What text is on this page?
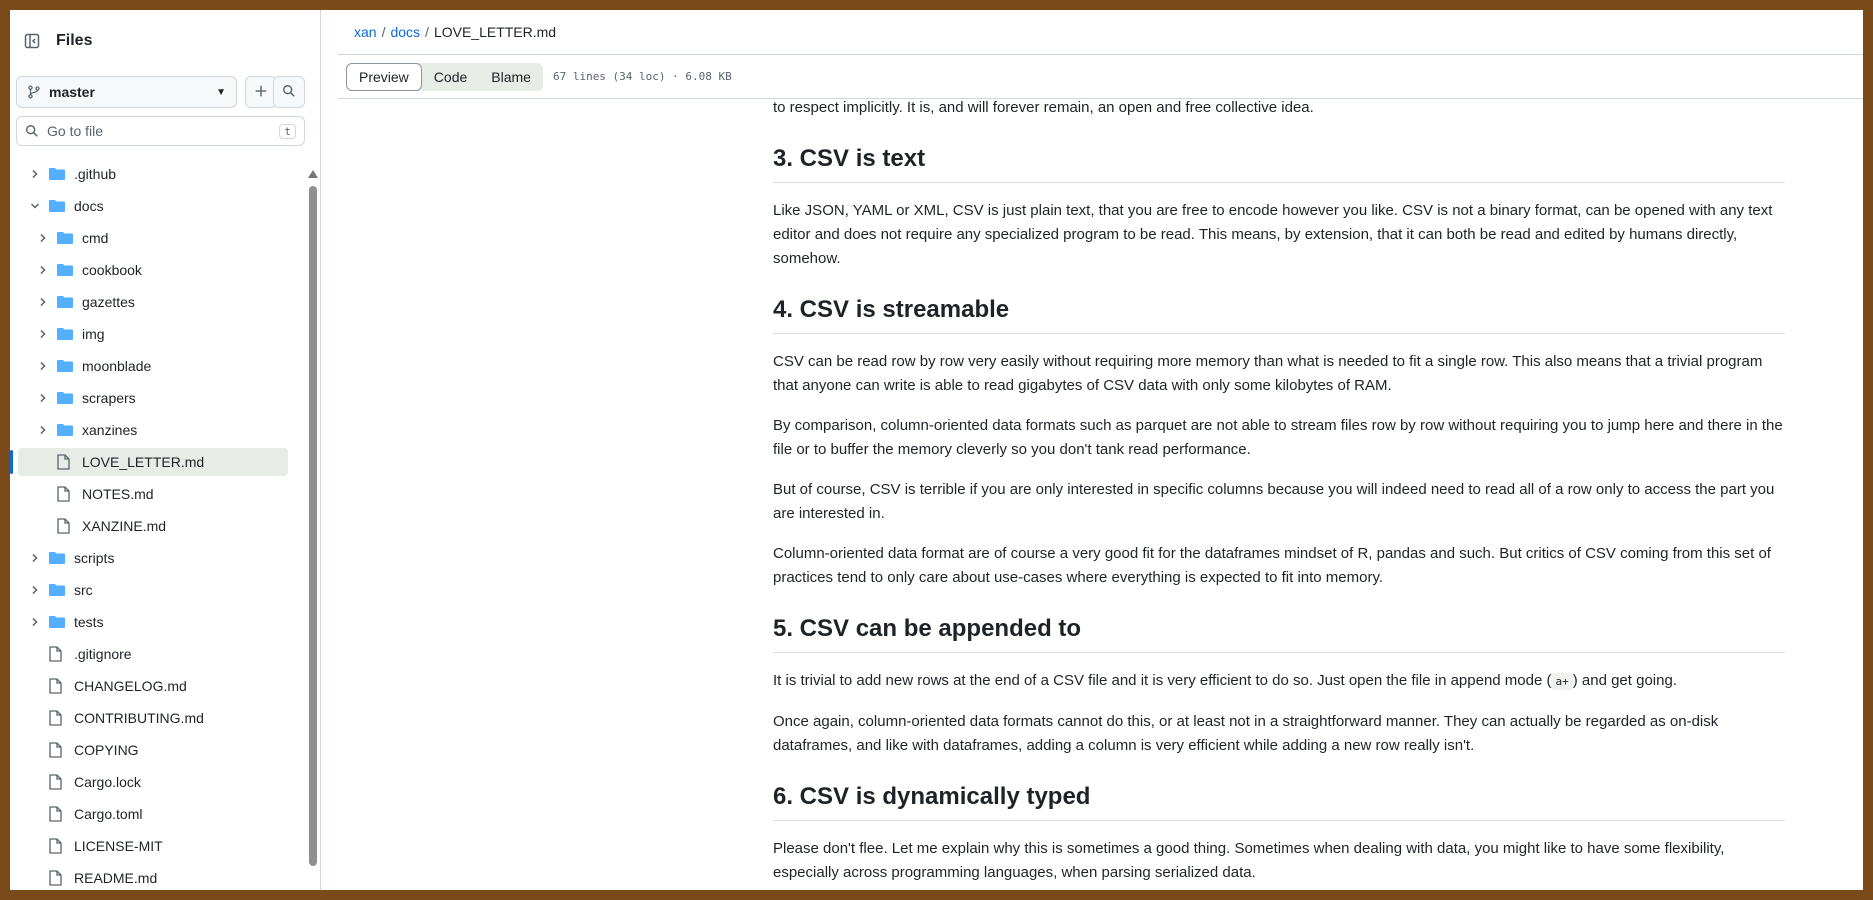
Files
master	▼
Go to file	t
.github
docs
cmd
cookbook
gazettes
img
moonblade
scrapers
xanzines
LOVE_LETTER.md
NOTES.md
XANZINE.md
scripts
src
tests
.gitignore
CHANGELOG.md
CONTRIBUTING.md
COPYING
Cargo.lock
Cargo.toml
LICENSE-MIT
README.md
xan / docs / LOVE_LETTER.md
Preview	Code	Blame	67 lines (34 loc) · 6.08 KB

to respect implicitly. It is, and will forever remain, an open and free collective idea.

3. CSV is text

Like JSON, YAML or XML, CSV is just plain text, that you are free to encode however you like. CSV is not a binary format, can be opened with any text editor and does not require any specialized program to be read. This means, by extension, that it can both be read and edited by humans directly, somehow.

4. CSV is streamable

CSV can be read row by row very easily without requiring more memory than what is needed to fit a single row. This also means that a trivial program that anyone can write is able to read gigabytes of CSV data with only some kilobytes of RAM.

By comparison, column-oriented data formats such as parquet are not able to stream files row by row without requiring you to jump here and there in the file or to buffer the memory cleverly so you don't tank read performance.

But of course, CSV is terrible if you are only interested in specific columns because you will indeed need to read all of a row only to access the part you are interested in.

Column-oriented data format are of course a very good fit for the dataframes mindset of R, pandas and such. But critics of CSV coming from this set of practices tend to only care about use-cases where everything is expected to fit into memory.

5. CSV can be appended to

It is trivial to add new rows at the end of a CSV file and it is very efficient to do so. Just open the file in append mode ( a+ ) and get going.

Once again, column-oriented data formats cannot do this, or at least not in a straightforward manner. They can actually be regarded as on-disk dataframes, and like with dataframes, adding a column is very efficient while adding a new row really isn't.

6. CSV is dynamically typed

Please don't flee. Let me explain why this is sometimes a good thing. Sometimes when dealing with data, you might like to have some flexibility, especially across programming languages, when parsing serialized data.
